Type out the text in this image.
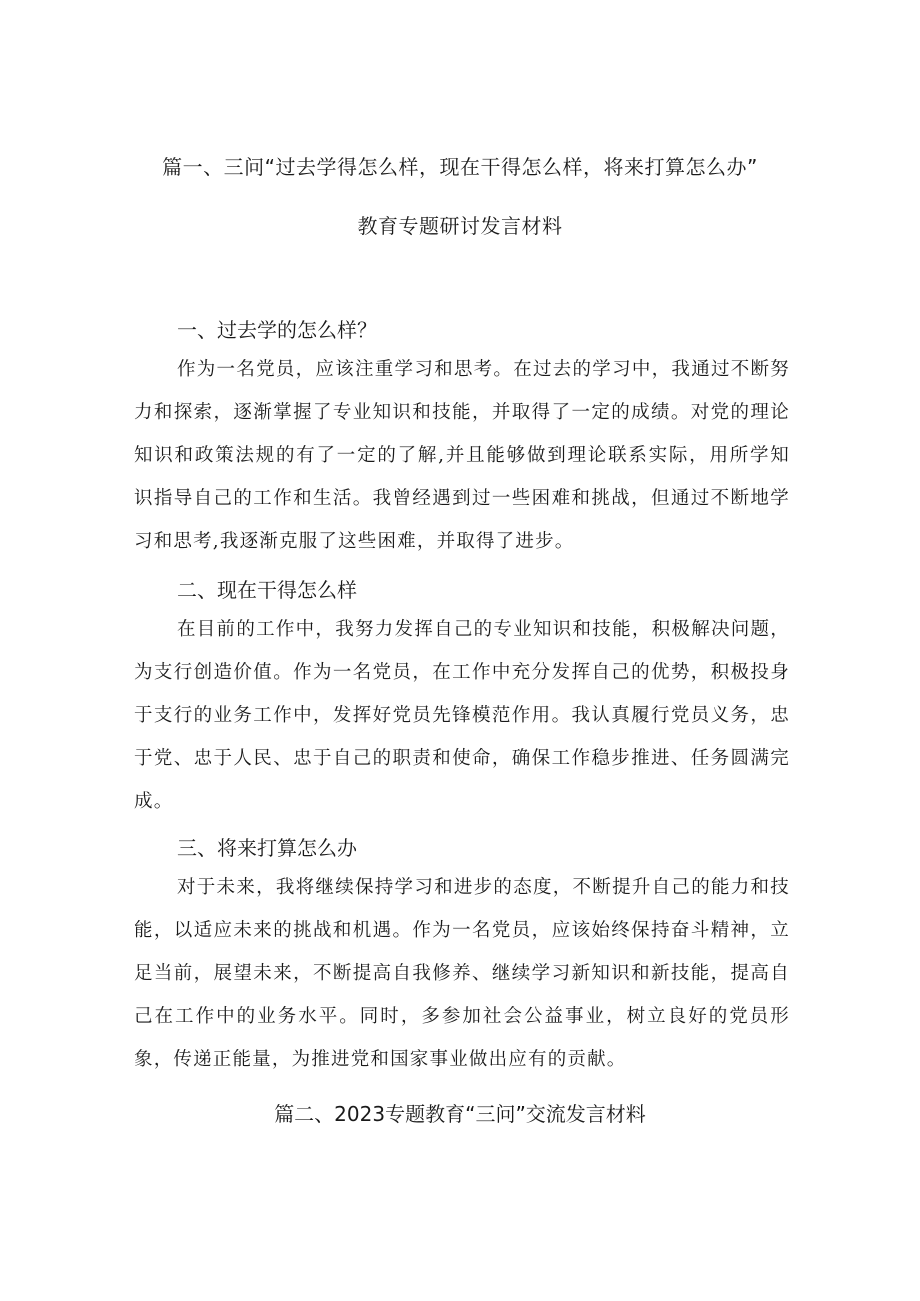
篇一、三问“过去学得怎么样，现在干得怎么样，将来打算怎么办”
教育专题研讨发言材料
一、过去学的怎么样？

作为一名党员，应该注重学习和思考。在过去的学习中，我通过不断努力和探索，逐渐掌握了专业知识和技能，并取得了一定的成绩。对党的理论知识和政策法规的有了一定的了解,并且能够做到理论联系实际，用所学知识指导自己的工作和生活。我曾经遇到过一些困难和挑战，但通过不断地学习和思考,我逐渐克服了这些困难，并取得了进步。

二、现在干得怎么样

在目前的工作中，我努力发挥自己的专业知识和技能，积极解决问题，为支行创造价值。作为一名党员，在工作中充分发挥自己的优势，积极投身于支行的业务工作中，发挥好党员先锋模范作用。我认真履行党员义务，忠于党、忠于人民、忠于自己的职责和使命，确保工作稳步推进、任务圆满完成。

三、将来打算怎么办

对于未来，我将继续保持学习和进步的态度，不断提升自己的能力和技能，以适应未来的挑战和机遇。作为一名党员，应该始终保持奋斗精神，立足当前，展望未来，不断提高自我修养、继续学习新知识和新技能，提高自己在工作中的业务水平。同时，多参加社会公益事业，树立良好的党员形象，传递正能量，为推进党和国家事业做出应有的贡献。

篇二、2023专题教育“三问”交流发言材料
